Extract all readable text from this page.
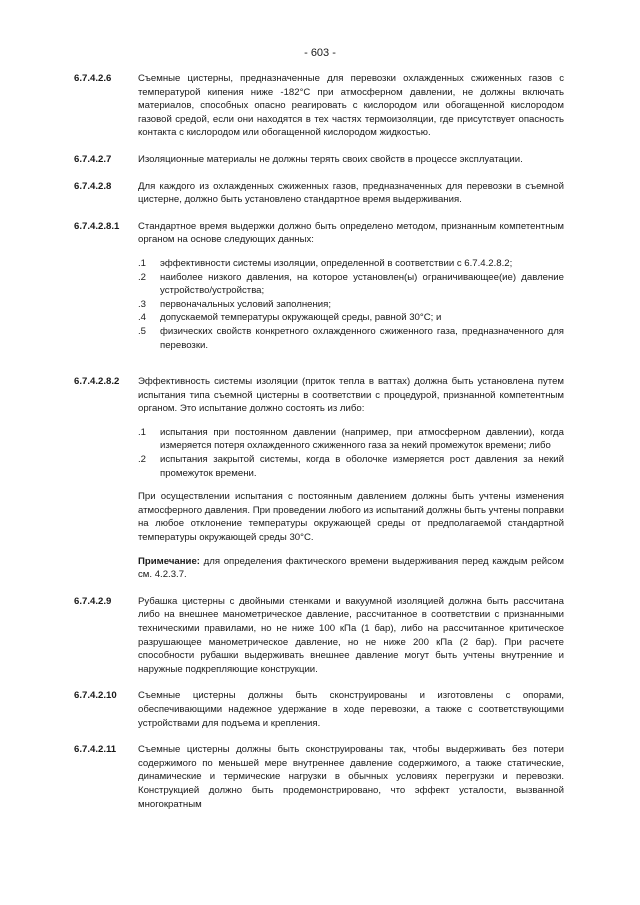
- 603 -
6.7.4.2.6	Съемные цистерны, предназначенные для перевозки охлажденных сжиженных газов с температурой кипения ниже -182°С при атмосферном давлении, не должны включать материалов, способных опасно реагировать с кислородом или обогащенной кислородом газовой средой, если они находятся в тех частях термоизоляции, где присутствует опасность контакта с кислородом или обогащенной кислородом жидкостью.

6.7.4.2.7	Изоляционные материалы не должны терять своих свойств в процессе эксплуатации.

6.7.4.2.8	Для каждого из охлажденных сжиженных газов, предназначенных для перевозки в съемной цистерне, должно быть установлено стандартное время выдерживания.

6.7.4.2.8.1	Стандартное время выдержки должно быть определено методом, признанным компетентным органом на основе следующих данных:

.1	эффективности системы изоляции, определенной в соответствии с 6.7.4.2.8.2;
.2	наиболее низкого давления, на которое установлен(ы) ограничивающее(ие) давление устройство/устройства;
.3	первоначальных условий заполнения;
.4	допускаемой температуры окружающей среды, равной 30°С; и
.5	физических свойств конкретного охлажденного сжиженного газа, предназначенного для перевозки.
6.7.4.2.8.2	Эффективность системы изоляции (приток тепла в ваттах) должна быть установлена путем испытания типа съемной цистерны в соответствии с процедурой, признанной компетентным органом. Это испытание должно состоять из либо:

.1	испытания при постоянном давлении (например, при атмосферном давлении), когда измеряется потеря охлажденного сжиженного газа за некий промежуток времени; либо
.2	испытания закрытой системы, когда в оболочке измеряется рост давления за некий промежуток времени.

При осуществлении испытания с постоянным давлением должны быть учтены изменения атмосферного давления. При проведении любого из испытаний должны быть учтены поправки на любое отклонение температуры окружающей среды от предполагаемой стандартной температуры окружающей среды 30°С.

Примечание: для определения фактического времени выдерживания перед каждым рейсом см. 4.2.3.7.

6.7.4.2.9	Рубашка цистерны с двойными стенками и вакуумной изоляцией должна быть рассчитана либо на внешнее манометрическое давление, рассчитанное в соответствии с признанными техническими правилами, но не ниже 100 кПа (1 бар), либо на рассчитанное критическое разрушающее манометрическое давление, но не ниже 200 кПа (2 бар). При расчете способности рубашки выдерживать внешнее давление могут быть учтены внутренние и наружные подкрепляющие конструкции.

6.7.4.2.10	Съемные цистерны должны быть сконструированы и изготовлены с опорами, обеспечивающими надежное удержание в ходе перевозки, а также с соответствующими устройствами для подъема и крепления.

6.7.4.2.11	Съемные цистерны должны быть сконструированы так, чтобы выдерживать без потери содержимого по меньшей мере внутреннее давление содержимого, а также статические, динамические и термические нагрузки в обычных условиях перегрузки и перевозки. Конструкцией должно быть продемонстрировано, что эффект усталости, вызванной многократным
